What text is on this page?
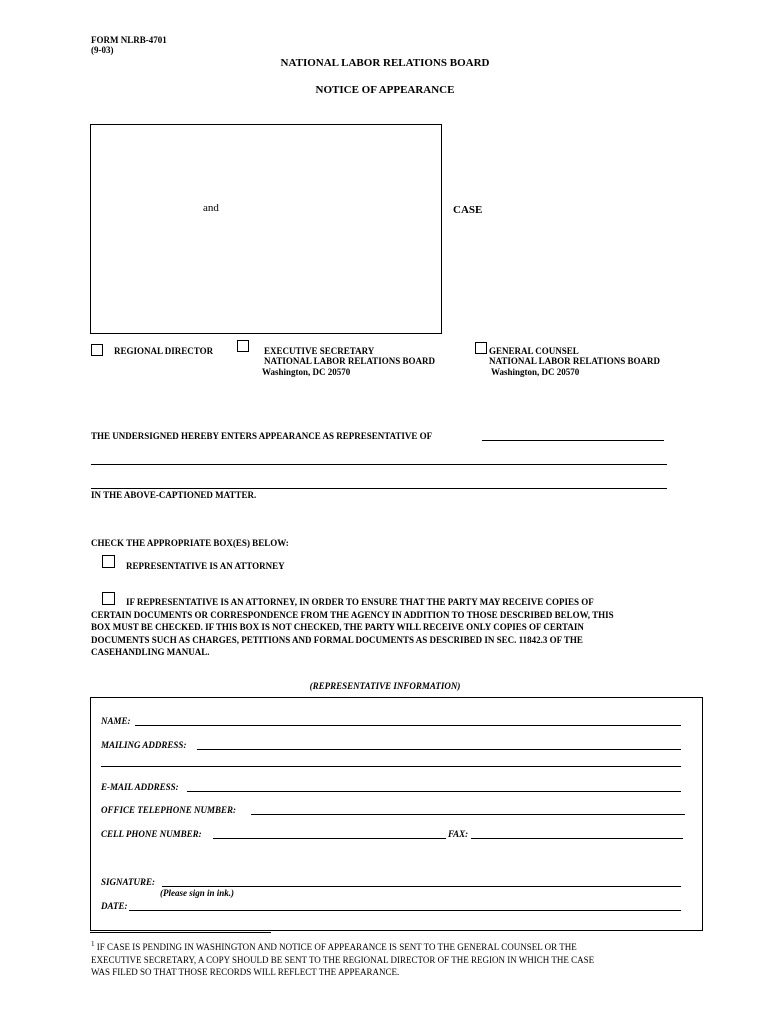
FORM NLRB-4701
(9-03)
NATIONAL LABOR RELATIONS BOARD
NOTICE OF APPEARANCE
and	CASE
REGIONAL DIRECTOR	EXECUTIVE SECRETARY
NATIONAL LABOR RELATIONS BOARD
Washington, DC 20570
GENERAL COUNSEL
NATIONAL LABOR RELATIONS BOARD
Washington, DC 20570
THE UNDERSIGNED HEREBY ENTERS APPEARANCE AS REPRESENTATIVE OF
IN THE ABOVE-CAPTIONED MATTER.
CHECK THE APPROPRIATE BOX(ES) BELOW:
REPRESENTATIVE IS AN ATTORNEY
IF REPRESENTATIVE IS AN ATTORNEY, IN ORDER TO ENSURE THAT THE PARTY MAY RECEIVE COPIES OF
CERTAIN DOCUMENTS OR CORRESPONDENCE FROM THE AGENCY IN ADDITION TO THOSE DESCRIBED BELOW, THIS
BOX MUST BE CHECKED. IF THIS BOX IS NOT CHECKED, THE PARTY WILL RECEIVE ONLY COPIES OF CERTAIN
DOCUMENTS SUCH AS CHARGES, PETITIONS AND FORMAL DOCUMENTS AS DESCRIBED IN SEC. 11842.3 OF THE
CASEHANDLING MANUAL.
(REPRESENTATIVE INFORMATION)
NAME:
MAILING ADDRESS:
E-MAIL ADDRESS:
OFFICE TELEPHONE NUMBER:
CELL PHONE NUMBER:	FAX:
SIGNATURE:
(Please sign in ink.)
DATE:
$^1$ IF CASE IS PENDING IN WASHINGTON AND NOTICE OF APPEARANCE IS SENT TO THE GENERAL COUNSEL OR THE
EXECUTIVE SECRETARY, A COPY SHOULD BE SENT TO THE REGIONAL DIRECTOR OF THE REGION IN WHICH THE CASE
WAS FILED SO THAT THOSE RECORDS WILL REFLECT THE APPEARANCE.
